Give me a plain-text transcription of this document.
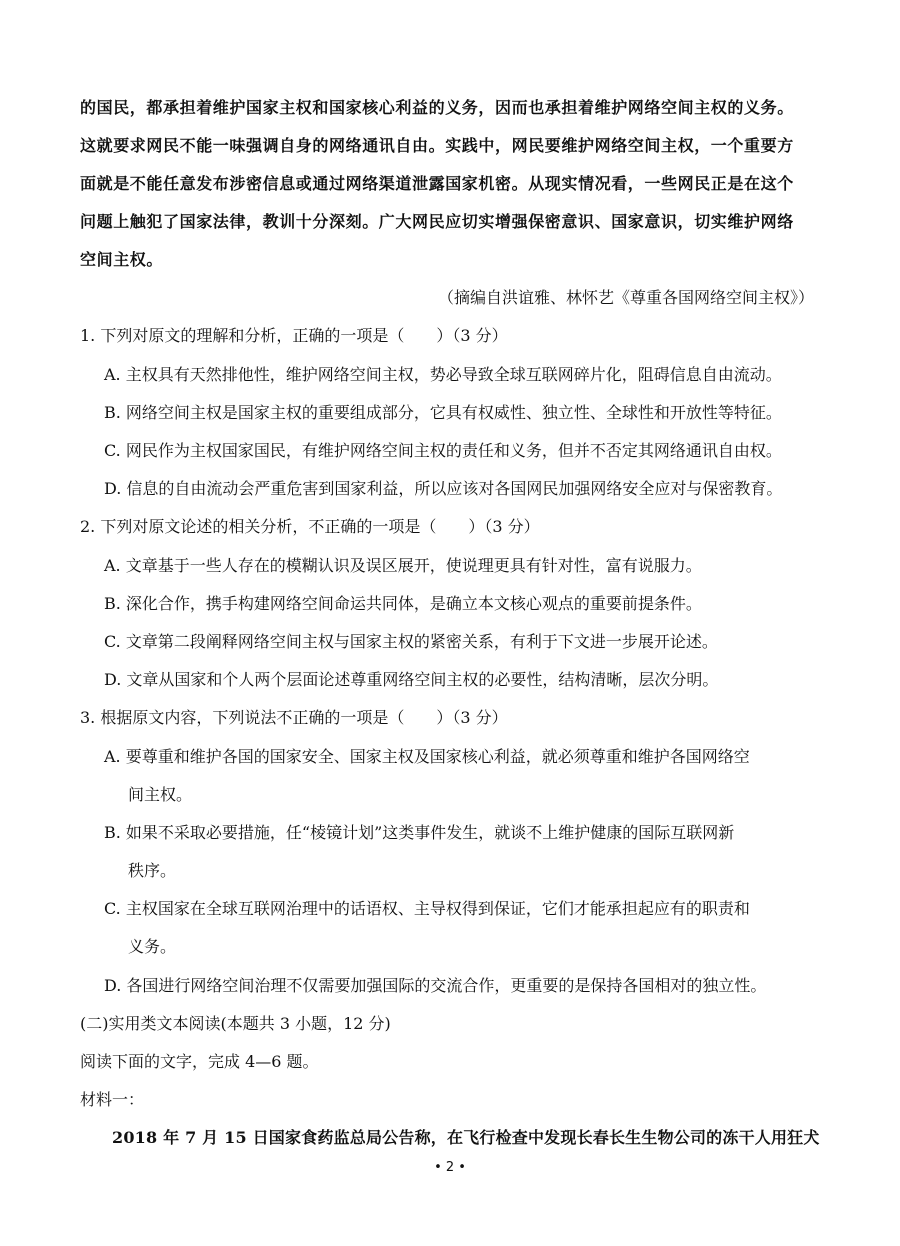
的国民，都承担着维护国家主权和国家核心利益的义务，因而也承担着维护网络空间主权的义务。
这就要求网民不能一味强调自身的网络通讯自由。实践中，网民要维护网络空间主权，一个重要方
面就是不能任意发布涉密信息或通过网络渠道泄露国家机密。从现实情况看，一些网民正是在这个
问题上触犯了国家法律，教训十分深刻。广大网民应切实增强保密意识、国家意识，切实维护网络
空间主权。
（摘编自洪谊雅、林怀艺《尊重各国网络空间主权》）
1. 下列对原文的理解和分析，正确的一项是（　　）（3 分）
A. 主权具有天然排他性，维护网络空间主权，势必导致全球互联网碎片化，阻碍信息自由流动。
B. 网络空间主权是国家主权的重要组成部分，它具有权威性、独立性、全球性和开放性等特征。
C. 网民作为主权国家国民，有维护网络空间主权的责任和义务，但并不否定其网络通讯自由权。
D. 信息的自由流动会严重危害到国家利益，所以应该对各国网民加强网络安全应对与保密教育。
2. 下列对原文论述的相关分析，不正确的一项是（　　）（3 分）
A. 文章基于一些人存在的模糊认识及误区展开，使说理更具有针对性，富有说服力。
B. 深化合作，携手构建网络空间命运共同体，是确立本文核心观点的重要前提条件。
C. 文章第二段阐释网络空间主权与国家主权的紧密关系，有利于下文进一步展开论述。
D. 文章从国家和个人两个层面论述尊重网络空间主权的必要性，结构清晰，层次分明。
3. 根据原文内容，下列说法不正确的一项是（　　）（3 分）
A. 要尊重和维护各国的国家安全、国家主权及国家核心利益，就必须尊重和维护各国网络空
间主权。
B. 如果不采取必要措施，任“棱镜计划”这类事件发生，就谈不上维护健康的国际互联网新
秩序。
C. 主权国家在全球互联网治理中的话语权、主导权得到保证，它们才能承担起应有的职责和
义务。
D. 各国进行网络空间治理不仅需要加强国际的交流合作，更重要的是保持各国相对的独立性。
(二)实用类文本阅读(本题共 3 小题，12 分)
阅读下面的文字，完成 4—6 题。
材料一：
2018 年 7 月 15 日国家食药监总局公告称，在飞行检查中发现长春长生生物公司的冻干人用狂犬
• 2 •
